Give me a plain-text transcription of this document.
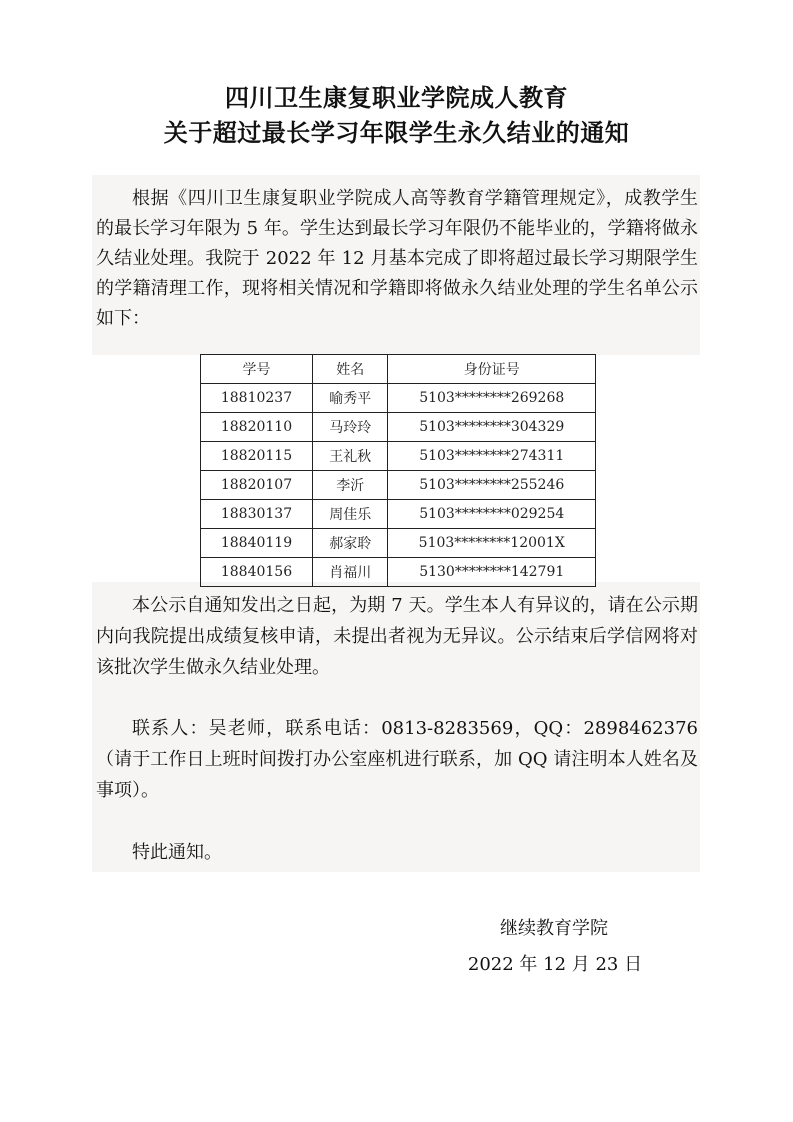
四川卫生康复职业学院成人教育
关于超过最长学习年限学生永久结业的通知

根据《四川卫生康复职业学院成人高等教育学籍管理规定》，成教学生的最长学习年限为 5 年。学生达到最长学习年限仍不能毕业的，学籍将做永久结业处理。我院于 2022 年 12 月基本完成了即将超过最长学习期限学生的学籍清理工作，现将相关情况和学籍即将做永久结业处理的学生名单公示如下：

学号	姓名	身份证号
18810237	喻秀平	5103********269268
18820110	马玲玲	5103********304329
18820115	王礼秋	5103********274311
18820107	李沂	5103********255246
18830137	周佳乐	5103********029254
18840119	郝家聆	5103********12001X
18840156	肖福川	5130********142791

本公示自通知发出之日起，为期 7 天。学生本人有异议的，请在公示期内向我院提出成绩复核申请，未提出者视为无异议。公示结束后学信网将对该批次学生做永久结业处理。

联系人：吴老师，联系电话：0813-8283569，QQ：2898462376（请于工作日上班时间拨打办公室座机进行联系，加 QQ 请注明本人姓名及事项）。

特此通知。

继续教育学院
2022 年 12 月 23 日
